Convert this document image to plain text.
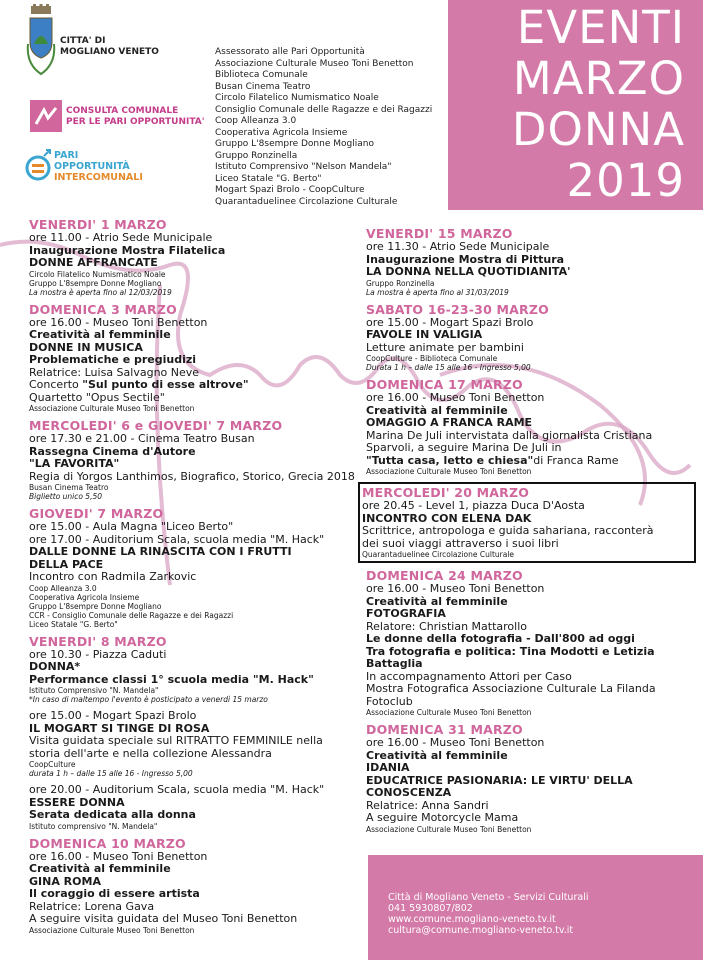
CITTA' DI
MOGLIANO VENETO
CONSULTA COMUNALE
PER LE PARI OPPORTUNITA'
PARI
OPPORTUNITÀ
INTERCOMUNALI
Assessorato alle Pari Opportunità
Associazione Culturale Museo Toni Benetton
Biblioteca Comunale
Busan Cinema Teatro
Circolo Filatelico Numismatico Noale
Consiglio Comunale delle Ragazze e dei Ragazzi
Coop Alleanza 3.0
Cooperativa Agricola Insieme
Gruppo L'8sempre Donne Mogliano
Gruppo Ronzinella
Istituto Comprensivo "Nelson Mandela"
Liceo Statale "G. Berto"
Mogart Spazi Brolo - CoopCulture
Quarantaduelinee Circolazione Culturale
EVENTI
MARZO
DONNA
2019
VENERDI' 1 MARZO
ore 11.00 - Atrio Sede Municipale
Inaugurazione Mostra Filatelica
DONNE AFFRANCATE
Circolo Filatelico Numismatico Noale
Gruppo L'8sempre Donne Mogliano
La mostra è aperta fino al 12/03/2019
DOMENICA 3 MARZO
ore 16.00 - Museo Toni Benetton
Creatività al femminile
DONNE IN MUSICA
Problematiche e pregiudizi
Relatrice: Luisa Salvagno Neve
Concerto "Sul punto di esse altrove"
Quartetto "Opus Sectile"
Associazione Culturale Museo Toni Benetton
MERCOLEDI' 6 e GIOVEDI' 7 MARZO
ore 17.30 e 21.00 - Cinema Teatro Busan
Rassegna Cinema d'Autore
"LA FAVORITA"
Regia di Yorgos Lanthimos, Biografico, Storico, Grecia 2018
Busan Cinema Teatro
Biglietto unico 5,50
GIOVEDI' 7 MARZO
ore 15.00 - Aula Magna "Liceo Berto"
ore 17.00 - Auditorium Scala, scuola media "M. Hack"
DALLE DONNE LA RINASCITA CON I FRUTTI
DELLA PACE
Incontro con Radmila Zarkovic
Coop Alleanza 3.0
Cooperativa Agricola Insieme
Gruppo L'8sempre Donne Mogliano
CCR - Consiglio Comunale delle Ragazze e dei Ragazzi
Liceo Statale "G. Berto"
VENERDI' 8 MARZO
ore 10.30 - Piazza Caduti
DONNA*
Performance classi 1° scuola media "M. Hack"
Istituto Comprensivo "N. Mandela"
*In caso di maltempo l'evento è posticipato a venerdì 15 marzo
ore 15.00 - Mogart Spazi Brolo
IL MOGART SI TINGE DI ROSA
Visita guidata speciale sul RITRATTO FEMMINILE nella
storia dell'arte e nella collezione Alessandra
CoopCulture
durata 1 h – dalle 15 alle 16 - Ingresso 5,00
ore 20.00 - Auditorium Scala, scuola media "M. Hack"
ESSERE DONNA
Serata dedicata alla donna
Istituto comprensivo "N. Mandela"
DOMENICA 10 MARZO
ore 16.00 - Museo Toni Benetton
Creatività al femminile
GINA ROMA
Il coraggio di essere artista
Relatrice: Lorena Gava
A seguire visita guidata del Museo Toni Benetton
Associazione Culturale Museo Toni Benetton
VENERDI' 15 MARZO
ore 11.30 - Atrio Sede Municipale
Inaugurazione Mostra di Pittura
LA DONNA NELLA QUOTIDIANITA'
Gruppo Ronzinella
La mostra è aperta fino al 31/03/2019
SABATO 16-23-30 MARZO
ore 15.00 - Mogart Spazi Brolo
FAVOLE IN VALIGIA
Letture animate per bambini
CoopCulture - Biblioteca Comunale
Durata 1 h – dalle 15 alle 16 - Ingresso 5,00
DOMENICA 17 MARZO
ore 16.00 - Museo Toni Benetton
Creatività al femminile
OMAGGIO A FRANCA RAME
Marina De Juli intervistata dalla giornalista Cristiana
Sparvoli, a seguire Marina De Juli in
"Tutta casa, letto e chiesa"di Franca Rame
Associazione Culturale Museo Toni Benetton
MERCOLEDI' 20 MARZO
ore 20.45 - Level 1, piazza Duca D'Aosta
INCONTRO CON ELENA DAK
Scrittrice, antropologa e guida sahariana, racconterà
dei suoi viaggi attraverso i suoi libri
Quarantaduelinee Circolazione Culturale
DOMENICA 24 MARZO
ore 16.00 - Museo Toni Benetton
Creatività al femminile
FOTOGRAFIA
Relatore: Christian Mattarollo
Le donne della fotografia - Dall'800 ad oggi
Tra fotografia e politica: Tina Modotti e Letizia
Battaglia
In accompagnamento Attori per Caso
Mostra Fotografica Associazione Culturale La Filanda
Fotoclub
Associazione Culturale Museo Toni Benetton
DOMENICA 31 MARZO
ore 16.00 - Museo Toni Benetton
Creatività al femminile
IDANIA
EDUCATRICE PASIONARIA: LE VIRTU' DELLA
CONOSCENZA
Relatrice: Anna Sandri
A seguire Motorcycle Mama
Associazione Culturale Museo Toni Benetton
Città di Mogliano Veneto - Servizi Culturali
041 5930807/802
www.comune.mogliano-veneto.tv.it
cultura@comune.mogliano-veneto.tv.it
